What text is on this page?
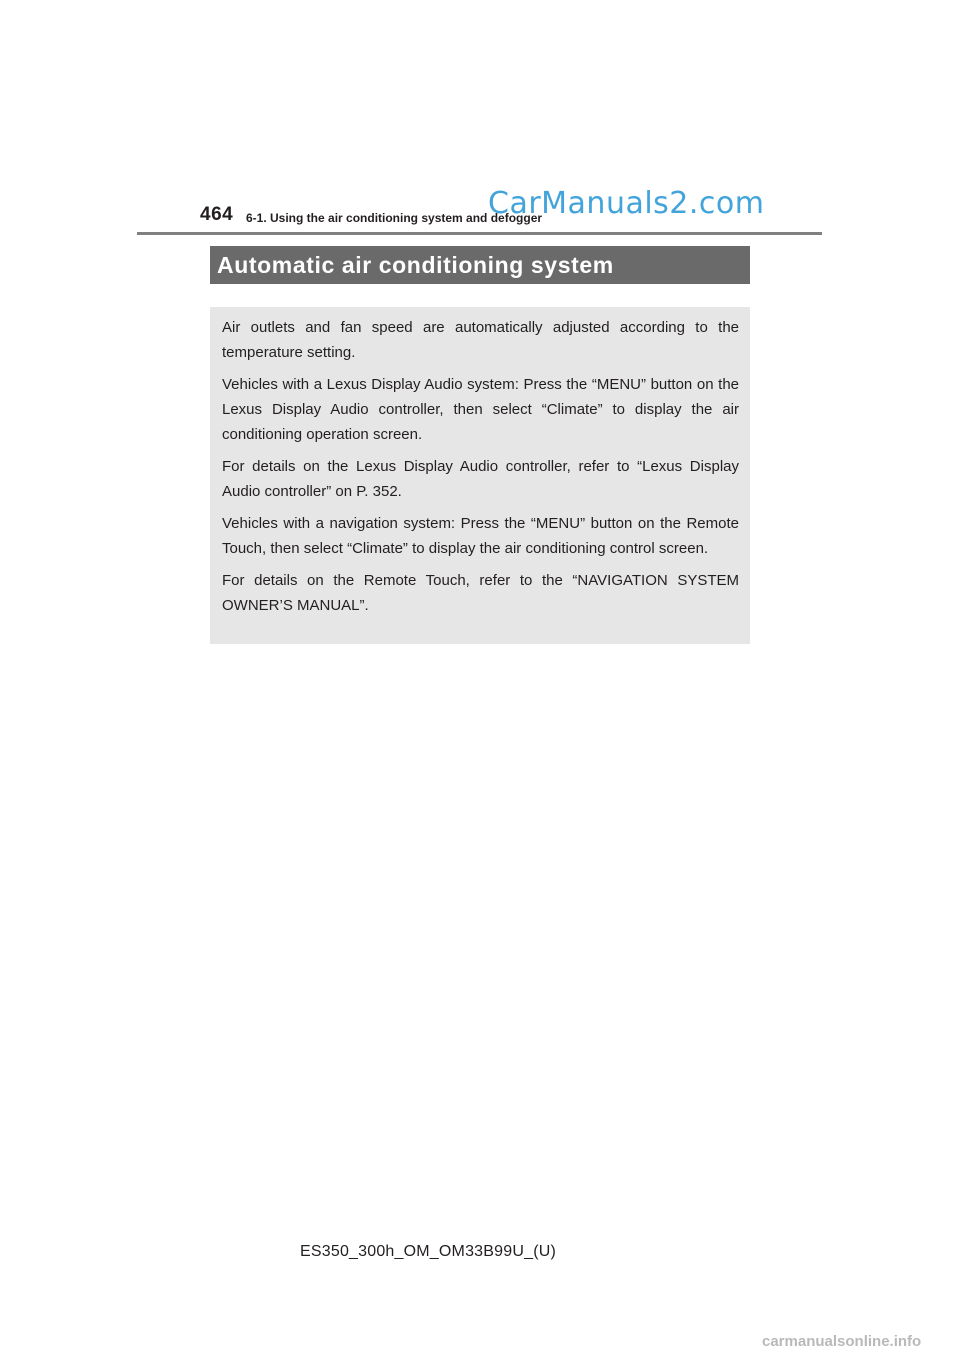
464 6-1. Using the air conditioning system and defogger
CarManuals2.com
Automatic air conditioning system

Air outlets and fan speed are automatically adjusted according to the temperature setting.

Vehicles with a Lexus Display Audio system: Press the “MENU” button on the Lexus Display Audio controller, then select “Climate” to display the air conditioning operation screen.

For details on the Lexus Display Audio controller, refer to “Lexus Display Audio controller” on P. 352.

Vehicles with a navigation system: Press the “MENU” button on the Remote Touch, then select “Climate” to display the air conditioning control screen.

For details on the Remote Touch, refer to the “NAVIGATION SYSTEM OWNER’S MANUAL”.

ES350_300h_OM_OM33B99U_(U)
carmanualsonline.info
